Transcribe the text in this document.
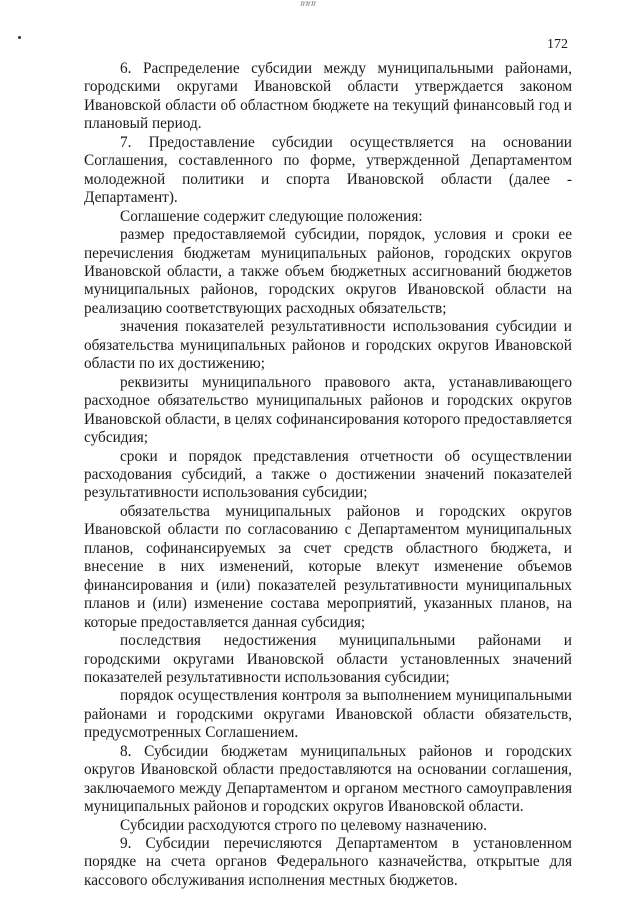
ⷍⷍⷍ
172

6. Распределение субсидии между муниципальными районами, городскими округами Ивановской области утверждается законом Ивановской области об областном бюджете на текущий финансовый год и плановый период.

7. Предоставление субсидии осуществляется на основании Соглашения, составленного по форме, утвержденной Департаментом молодежной политики и спорта Ивановской области (далее - Департамент).

Соглашение содержит следующие положения:

размер предоставляемой субсидии, порядок, условия и сроки ее перечисления бюджетам муниципальных районов, городских округов Ивановской области, а также объем бюджетных ассигнований бюджетов муниципальных районов, городских округов Ивановской области на реализацию соответствующих расходных обязательств;

значения показателей результативности использования субсидии и обязательства муниципальных районов и городских округов Ивановской области по их достижению;

реквизиты муниципального правового акта, устанавливающего расходное обязательство муниципальных районов и городских округов Ивановской области, в целях софинансирования которого предоставляется субсидия;

сроки и порядок представления отчетности об осуществлении расходования субсидий, а также о достижении значений показателей результативности использования субсидии;

обязательства муниципальных районов и городских округов Ивановской области по согласованию с Департаментом муниципальных планов, софинансируемых за счет средств областного бюджета, и внесение в них изменений, которые влекут изменение объемов финансирования и (или) показателей результативности муниципальных планов и (или) изменение состава мероприятий, указанных планов, на которые предоставляется данная субсидия;

последствия недостижения муниципальными районами и городскими округами Ивановской области установленных значений показателей результативности использования субсидии;

порядок осуществления контроля за выполнением муниципальными районами и городскими округами Ивановской области обязательств, предусмотренных Соглашением.

8. Субсидии бюджетам муниципальных районов и городских округов Ивановской области предоставляются на основании соглашения, заключаемого между Департаментом и органом местного самоуправления муниципальных районов и городских округов Ивановской области.

Субсидии расходуются строго по целевому назначению.

9. Субсидии перечисляются Департаментом в установленном порядке на счета органов Федерального казначейства, открытые для кассового обслуживания исполнения местных бюджетов.
